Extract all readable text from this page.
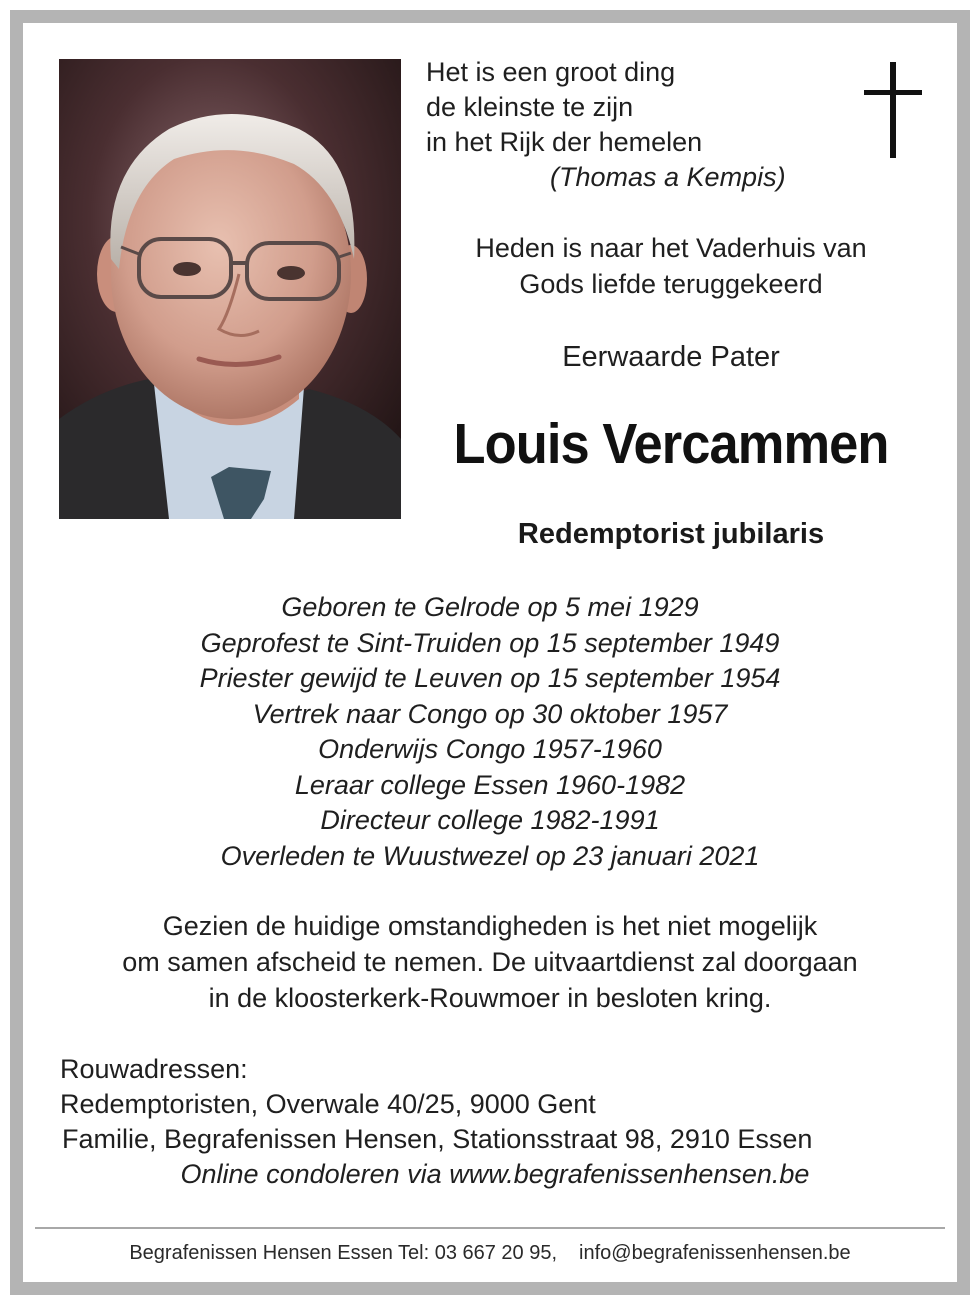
Het is een groot ding
de kleinste te zijn
in het Rijk der hemelen
(Thomas a Kempis)
Heden is naar het Vaderhuis van
Gods liefde teruggekeerd
Eerwaarde Pater
Louis Vercammen
Redemptorist jubilaris
Geboren te Gelrode op 5 mei 1929
Geprofest te Sint-Truiden op 15 september 1949
Priester gewijd te Leuven op 15 september 1954
Vertrek naar Congo op 30 oktober 1957
Onderwijs Congo 1957-1960
Leraar college Essen 1960-1982
Directeur college 1982-1991
Overleden te Wuustwezel op 23 januari 2021
Gezien de huidige omstandigheden is het niet mogelijk
om samen afscheid te nemen. De uitvaartdienst zal doorgaan
in de kloosterkerk-Rouwmoer in besloten kring.
Rouwadressen:
Redemptoristen, Overwale 40/25, 9000 Gent
Familie, Begrafenissen Hensen, Stationsstraat 98, 2910 Essen
Online condoleren via www.begrafenissenhensen.be
Begrafenissen Hensen Essen Tel: 03 667 20 95, info@begrafenissenhensen.be
